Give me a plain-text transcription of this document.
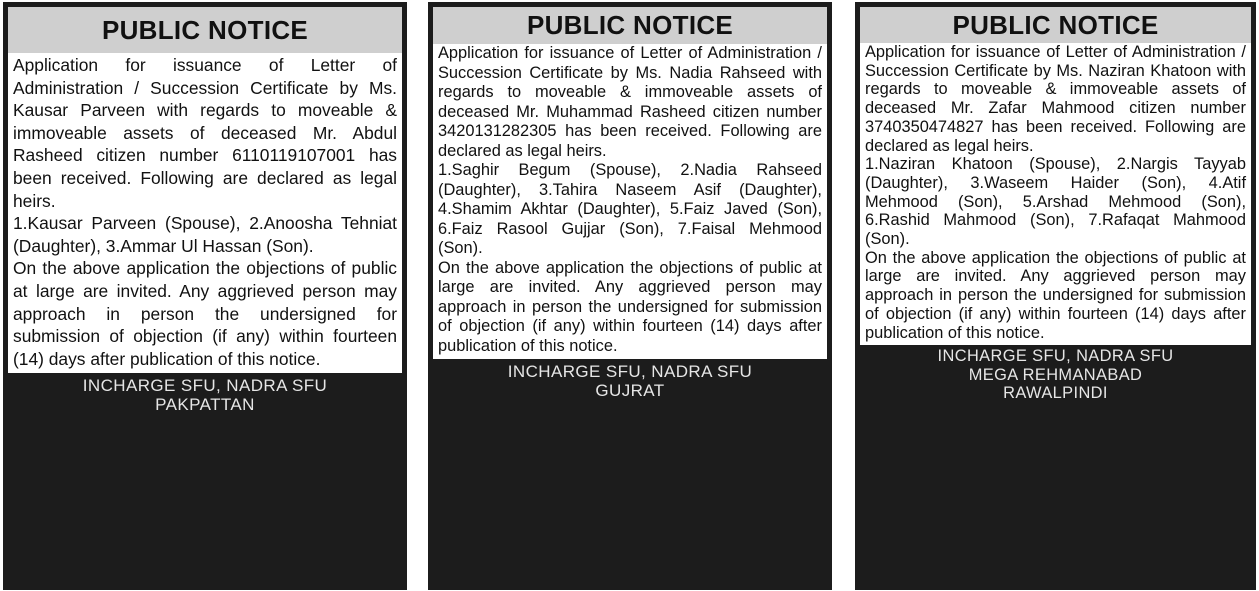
PUBLIC NOTICE

Application for issuance of Letter of Administration / Succession Certificate by Ms. Kausar Parveen with regards to moveable & immoveable assets of deceased Mr. Abdul Rasheed citizen number 6110119107001 has been received. Following are declared as legal heirs.

1.Kausar Parveen (Spouse), 2.Anoosha Tehniat (Daughter), 3.Ammar Ul Hassan (Son).

On the above application the objections of public at large are invited. Any aggrieved person may approach in person the undersigned for submission of objection (if any) within fourteen (14) days after publication of this notice.

INCHARGE SFU, NADRA SFU
PAKPATTAN
PUBLIC NOTICE

Application for issuance of Letter of Administration / Succession Certificate by Ms. Nadia Rahseed with regards to moveable & immoveable assets of deceased Mr. Muhammad Rasheed citizen number 3420131282305 has been received. Following are declared as legal heirs.

1.Saghir Begum (Spouse), 2.Nadia Rahseed (Daughter), 3.Tahira Naseem Asif (Daughter), 4.Shamim Akhtar (Daughter), 5.Faiz Javed (Son), 6.Faiz Rasool Gujjar (Son), 7.Faisal Mehmood (Son).

On the above application the objections of public at large are invited. Any aggrieved person may approach in person the undersigned for submission of objection (if any) within fourteen (14) days after publication of this notice.

INCHARGE SFU, NADRA SFU
GUJRAT
PUBLIC NOTICE

Application for issuance of Letter of Administration / Succession Certificate by Ms. Naziran Khatoon with regards to moveable & immoveable assets of deceased Mr. Zafar Mahmood citizen number 3740350474827 has been received. Following are declared as legal heirs.

1.Naziran Khatoon (Spouse), 2.Nargis Tayyab (Daughter), 3.Waseem Haider (Son), 4.Atif Mehmood (Son), 5.Arshad Mehmood (Son), 6.Rashid Mahmood (Son), 7.Rafaqat Mahmood (Son).

On the above application the objections of public at large are invited. Any aggrieved person may approach in person the undersigned for submission of objection (if any) within fourteen (14) days after publication of this notice.

INCHARGE SFU, NADRA SFU
MEGA REHMANABAD
RAWALPINDI
